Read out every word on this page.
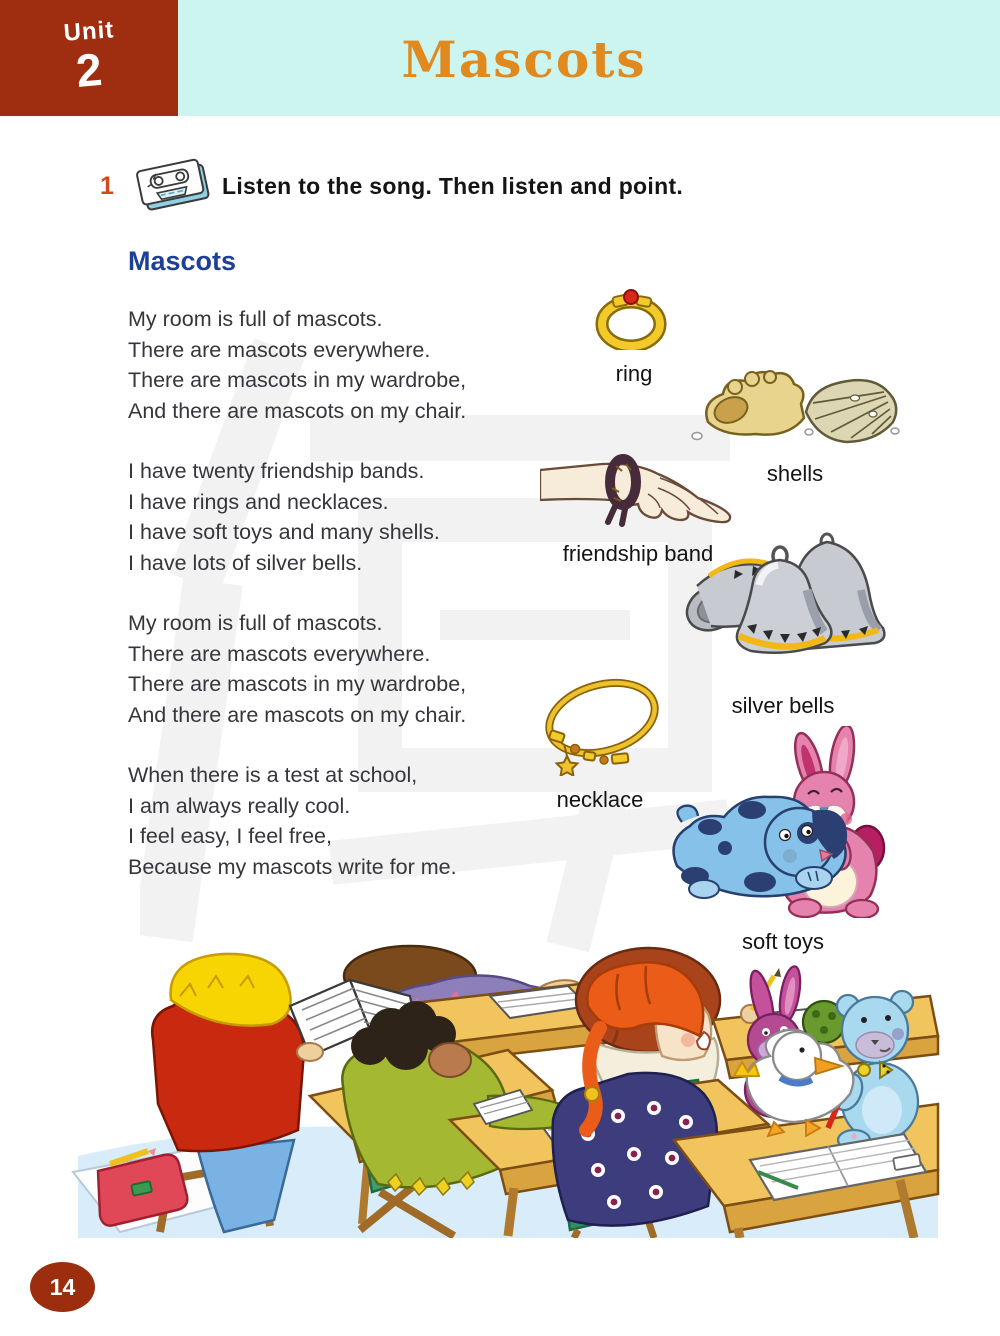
Mascots
Unit
2
1	Listen to the song. Then listen and point.
Mascots

My room is full of mascots.
There are mascots everywhere.
There are mascots in my wardrobe,
And there are mascots on my chair.

I have twenty friendship bands.
I have rings and necklaces.
I have soft toys and many shells.
I have lots of silver bells.

My room is full of mascots.
There are mascots everywhere.
There are mascots in my wardrobe,
And there are mascots on my chair.

When there is a test at school,
I am always really cool.
I feel easy, I feel free,
Because my mascots write for me.

ring
shells
friendship band
silver bells
necklace
soft toys
14
